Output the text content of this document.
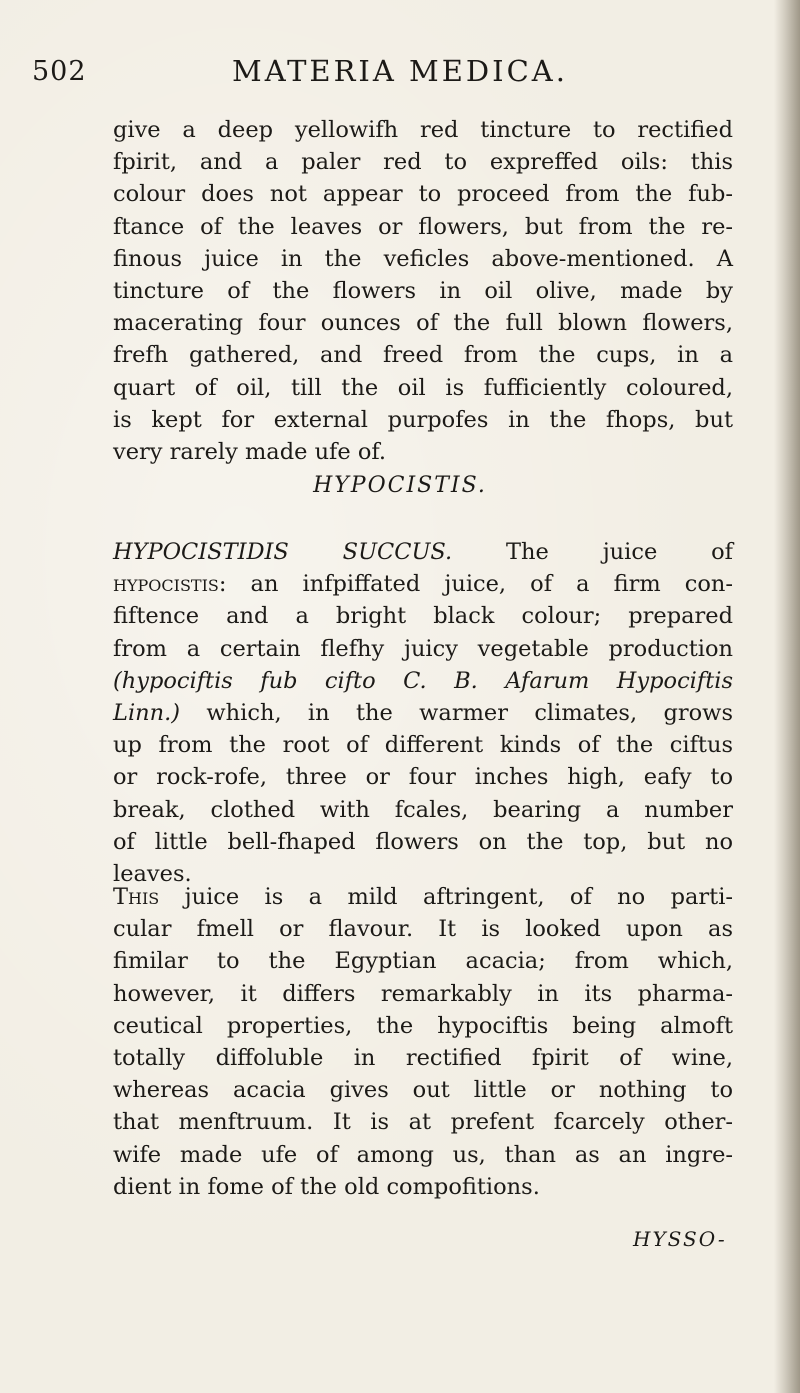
502	MATERIA MEDICA.
give a deep yellowifh red tincture to rectified
fpirit, and a paler red to expreffed oils: this
colour does not appear to proceed from the fub-
ftance of the leaves or flowers, but from the re-
finous juice in the veficles above-mentioned. A
tincture of the flowers in oil olive, made by
macerating four ounces of the full blown flowers,
frefh gathered, and freed from the cups, in a
quart of oil, till the oil is fufficiently coloured,
is kept for external purpofes in the fhops, but
very rarely made ufe of.
HYPOCISTIS.
HYPOCISTIDIS SUCCUS. The juice of
hypocistis: an infpiffated juice, of a firm con-
fiftence and a bright black colour; prepared
from a certain flefhy juicy vegetable production
(hypociftis fub cifto C. B. Afarum Hypociftis
Linn.) which, in the warmer climates, grows
up from the root of different kinds of the ciftus
or rock-rofe, three or four inches high, eafy to
break, clothed with fcales, bearing a number
of little bell-fhaped flowers on the top, but no
leaves.
This juice is a mild aftringent, of no parti-
cular fmell or flavour. It is looked upon as
fimilar to the Egyptian acacia; from which,
however, it differs remarkably in its pharma-
ceutical properties, the hypociftis being almoft
totally diffoluble in rectified fpirit of wine,
whereas acacia gives out little or nothing to
that menftruum. It is at prefent fcarcely other-
wife made ufe of among us, than as an ingre-
dient in fome of the old compofitions.
HYSSO-
